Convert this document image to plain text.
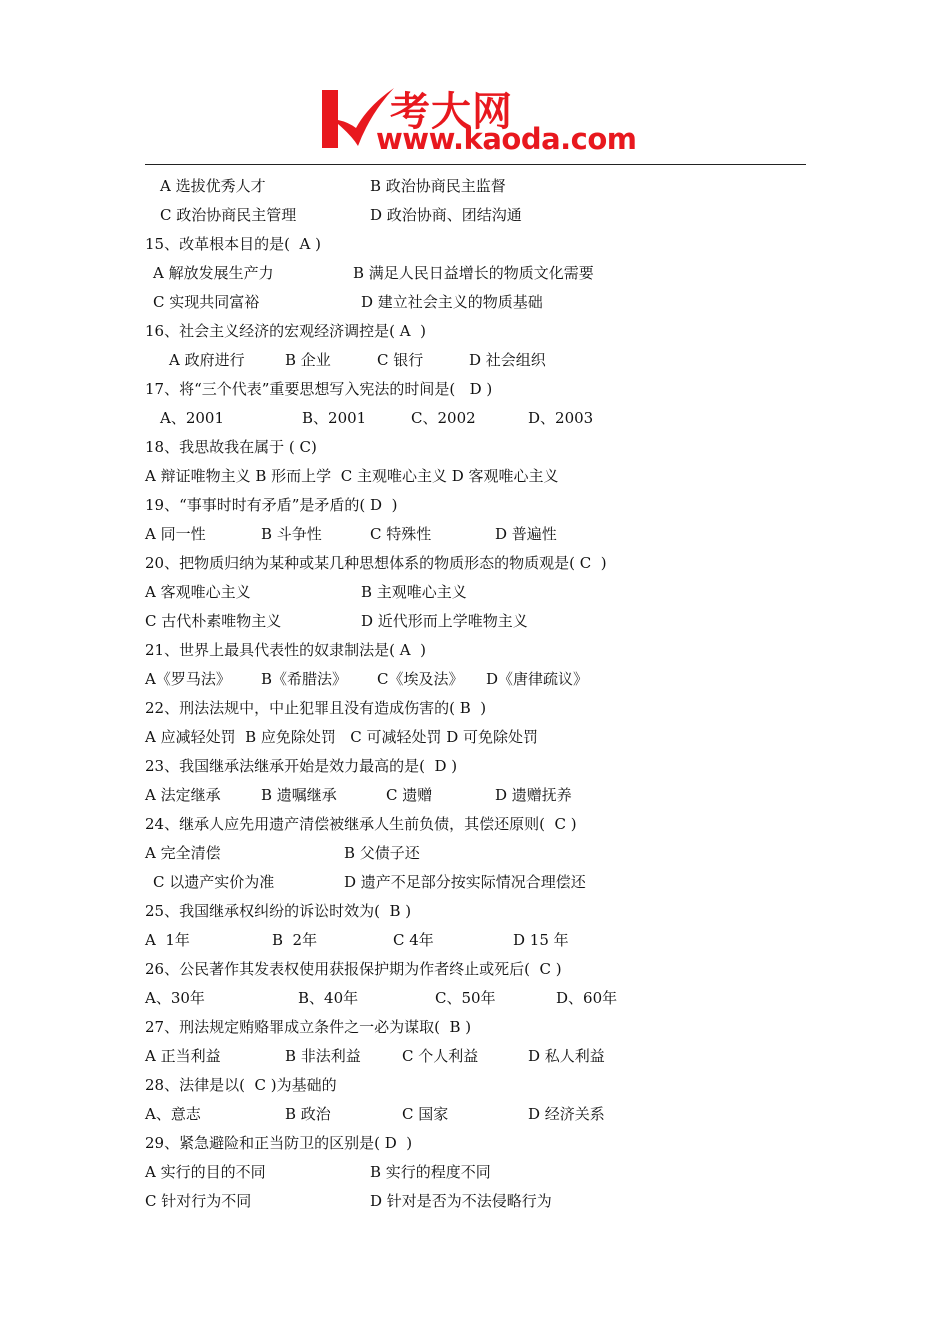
考大网
www.kaoda.com
A 选拔优秀人才	B 政治协商民主监督
C 政治协商民主管理	D 政治协商、团结沟通
15、改革根本目的是(  A )
A 解放发展生产力	B 满足人民日益增长的物质文化需要
C 实现共同富裕	D 建立社会主义的物质基础
16、社会主义经济的宏观经济调控是( A  )
A 政府进行	B 企业	C 银行	D 社会组织
17、将“三个代表”重要思想写入宪法的时间是(   D )
A、2001	B、2001	C、2002	D、2003
18、我思故我在属于 ( C)
A 辩证唯物主义 B 形而上学  C 主观唯心主义 D 客观唯心主义
19、“事事时时有矛盾”是矛盾的( D  )
A 同一性	B 斗争性	C 特殊性	D 普遍性
20、把物质归纳为某种或某几种思想体系的物质形态的物质观是( C  )
A 客观唯心主义	B 主观唯心主义
C 古代朴素唯物主义	D 近代形而上学唯物主义
21、世界上最具代表性的奴隶制法是( A  )
A《罗马法》 B《希腊法》 C《埃及法》 D《唐律疏议》
22、刑法法规中，中止犯罪且没有造成伤害的( B  )
A 应减轻处罚  B 应免除处罚   C 可减轻处罚 D 可免除处罚
23、我国继承法继承开始是效力最高的是(  D )
A 法定继承	B 遗嘱继承	C 遗赠	D 遗赠抚养
24、继承人应先用遗产清偿被继承人生前负债，其偿还原则(  C )
A 完全清偿	B 父债子还
C 以遗产实价为准	D 遗产不足部分按实际情况合理偿还
25、我国继承权纠纷的诉讼时效为(  B )
A  1年	B  2年	C 4年	D 15 年
26、公民著作其发表权使用获报保护期为作者终止或死后(  C )
A、30年	B、40年	C、50年	D、60年
27、刑法规定贿赂罪成立条件之一必为谋取(  B )
A 正当利益	B 非法利益	C 个人利益	D 私人利益
28、法律是以(  C )为基础的
A、意志	B 政治	C 国家	D 经济关系
29、紧急避险和正当防卫的区别是( D  )
A 实行的目的不同	B 实行的程度不同
C 针对行为不同	D 针对是否为不法侵略行为
